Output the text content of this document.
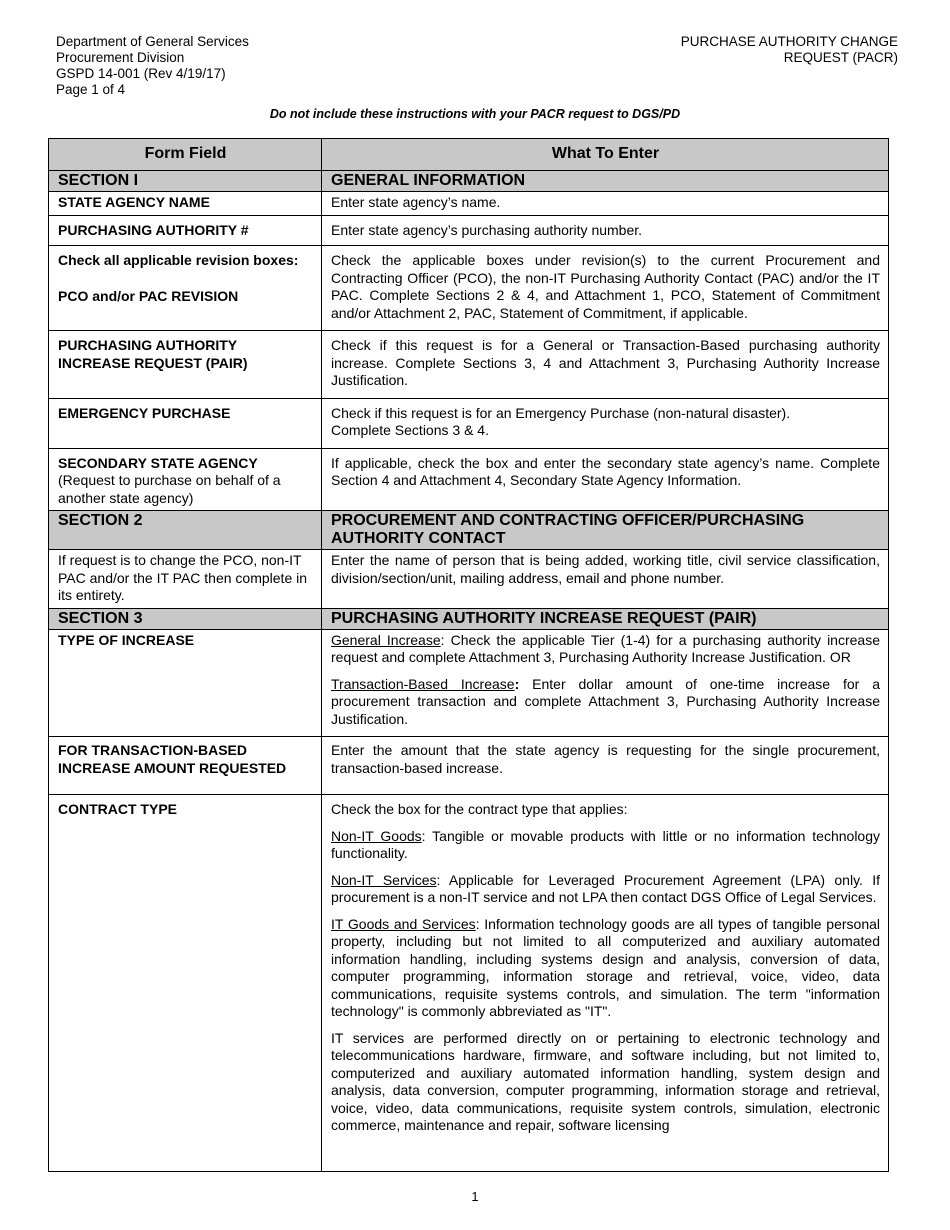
Department of General Services
Procurement Division
GSPD 14-001 (Rev 4/19/17)
Page 1 of 4
PURCHASE AUTHORITY CHANGE
REQUEST (PACR)
Do not include these instructions with your PACR request to DGS/PD
Form Field	What To Enter
SECTION I	GENERAL INFORMATION
STATE AGENCY NAME	Enter state agency’s name.
PURCHASING AUTHORITY #	Enter state agency’s purchasing authority number.

Check all applicable revision boxes:
PCO and/or PAC REVISION	Check the applicable boxes under revision(s) to the current Procurement and Contracting Officer (PCO), the non-IT Purchasing Authority Contact (PAC) and/or the IT PAC. Complete Sections 2 & 4, and Attachment 1, PCO, Statement of Commitment and/or Attachment 2, PAC, Statement of Commitment, if applicable.
PURCHASING AUTHORITY INCREASE REQUEST (PAIR)	Check if this request is for a General or Transaction-Based purchasing authority increase. Complete Sections 3, 4 and Attachment 3, Purchasing Authority Increase Justification.
EMERGENCY PURCHASE	Check if this request is for an Emergency Purchase (non-natural disaster).
Complete Sections 3 & 4.

SECONDARY STATE AGENCY
(Request to purchase on behalf of a another state agency)	If applicable, check the box and enter the secondary state agency’s name. Complete Section 4 and Attachment 4, Secondary State Agency Information.
SECTION 2	PROCUREMENT AND CONTRACTING OFFICER/PURCHASING AUTHORITY CONTACT
If request is to change the PCO, non-IT PAC and/or the IT PAC then complete in its entirety.	Enter the name of person that is being added, working title, civil service classification, division/section/unit, mailing address, email and phone number.
SECTION 3	PURCHASING AUTHORITY INCREASE REQUEST (PAIR)
TYPE OF INCREASE	General Increase: Check the applicable Tier (1-4) for a purchasing authority increase request and complete Attachment 3, Purchasing Authority Increase Justification. OR
Transaction-Based Increase: Enter dollar amount of one-time increase for a procurement transaction and complete Attachment 3, Purchasing Authority Increase Justification.

FOR TRANSACTION-BASED INCREASE AMOUNT REQUESTED	Enter the amount that the state agency is requesting for the single procurement, transaction-based increase.
CONTRACT TYPE	Check the box for the contract type that applies:
Non-IT Goods: Tangible or movable products with little or no information technology functionality.
Non-IT Services: Applicable for Leveraged Procurement Agreement (LPA) only. If procurement is a non-IT service and not LPA then contact DGS Office of Legal Services.
IT Goods and Services: Information technology goods are all types of tangible personal property, including but not limited to all computerized and auxiliary automated information handling, including systems design and analysis, conversion of data, computer programming, information storage and retrieval, voice, video, data communications, requisite systems controls, and simulation. The term "information technology" is commonly abbreviated as "IT".
IT services are performed directly on or pertaining to electronic technology and telecommunications hardware, firmware, and software including, but not limited to, computerized and auxiliary automated information handling, system design and analysis, data conversion, computer programming, information storage and retrieval, voice, video, data communications, requisite system controls, simulation, electronic commerce, maintenance and repair, software licensing
1
